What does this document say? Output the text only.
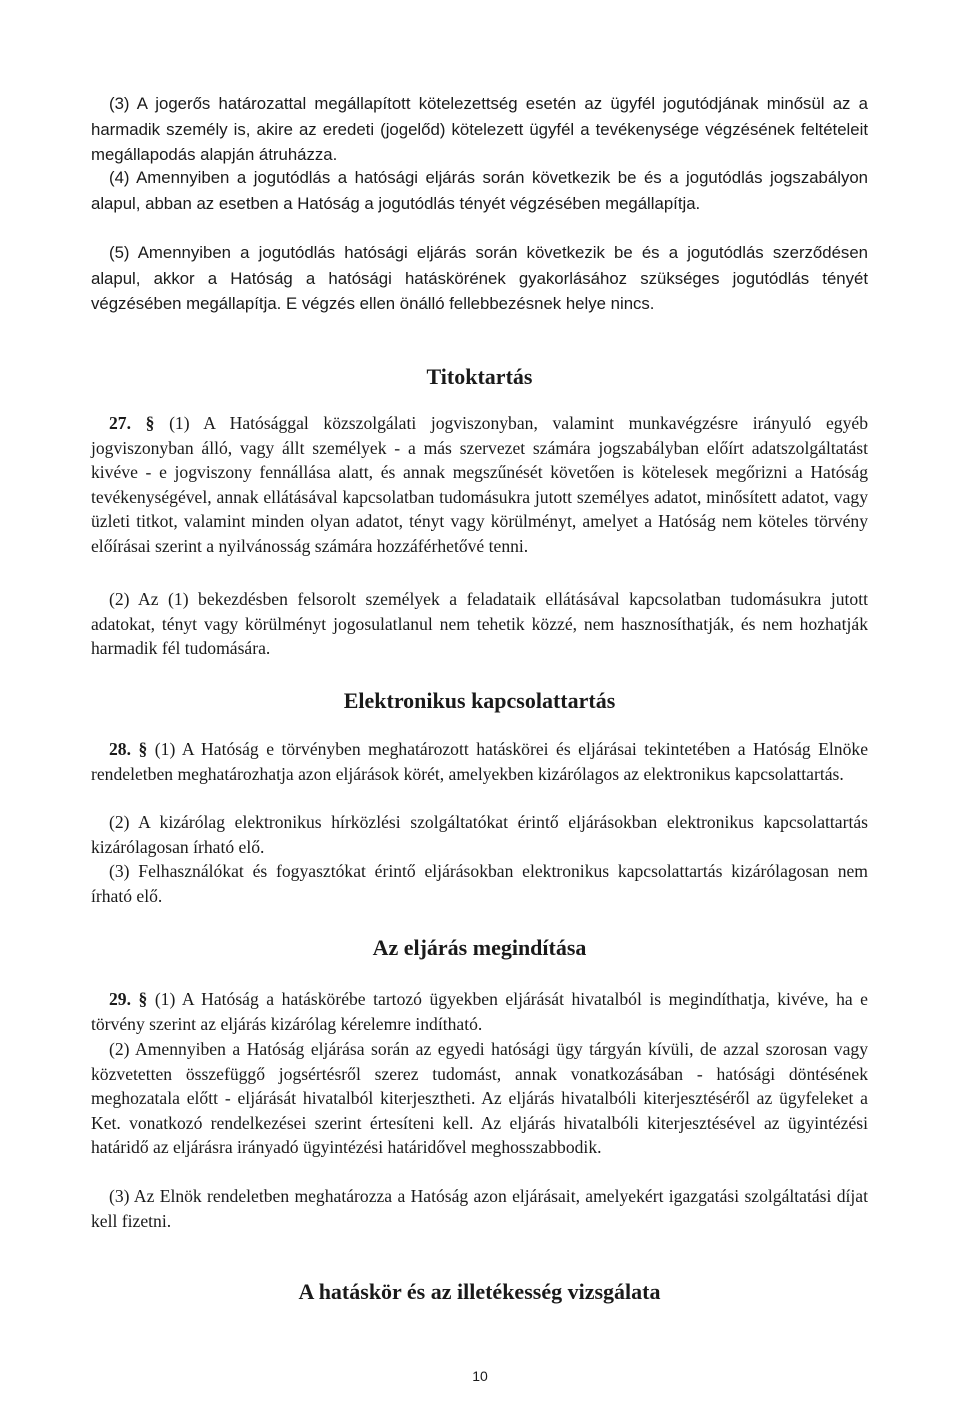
(3) A jogerős határozattal megállapított kötelezettség esetén az ügyfél jogutódjának minősül az a harmadik személy is, akire az eredeti (jogelőd) kötelezett ügyfél a tevékenysége végzésének feltételeit megállapodás alapján átruházza.

(4) Amennyiben a jogutódlás a hatósági eljárás során következik be és a jogutódlás jogszabályon alapul, abban az esetben a Hatóság a jogutódlás tényét végzésében megállapítja.

(5) Amennyiben a jogutódlás hatósági eljárás során következik be és a jogutódlás szerződésen alapul, akkor a Hatóság a hatósági hatáskörének gyakorlásához szükséges jogutódlás tényét végzésében megállapítja. E végzés ellen önálló fellebbezésnek helye nincs.

Titoktartás

27. § (1) A Hatósággal közszolgálati jogviszonyban, valamint munkavégzésre irányuló egyéb jogviszonyban álló, vagy állt személyek - a más szervezet számára jogszabályban előírt adatszolgáltatást kivéve - e jogviszony fennállása alatt, és annak megszűnését követően is kötelesek megőrizni a Hatóság tevékenységével, annak ellátásával kapcsolatban tudomásukra jutott személyes adatot, minősített adatot, vagy üzleti titkot, valamint minden olyan adatot, tényt vagy körülményt, amelyet a Hatóság nem köteles törvény előírásai szerint a nyilvánosság számára hozzáférhetővé tenni.

(2) Az (1) bekezdésben felsorolt személyek a feladataik ellátásával kapcsolatban tudomásukra jutott adatokat, tényt vagy körülményt jogosulatlanul nem tehetik közzé, nem hasznosíthatják, és nem hozhatják harmadik fél tudomására.

Elektronikus kapcsolattartás

28. § (1) A Hatóság e törvényben meghatározott hatáskörei és eljárásai tekintetében a Hatóság Elnöke rendeletben meghatározhatja azon eljárások körét, amelyekben kizárólagos az elektronikus kapcsolattartás.

(2) A kizárólag elektronikus hírközlési szolgáltatókat érintő eljárásokban elektronikus kapcsolattartás kizárólagosan írható elő.

(3) Felhasználókat és fogyasztókat érintő eljárásokban elektronikus kapcsolattartás kizárólagosan nem írható elő.

Az eljárás megindítása

29. § (1) A Hatóság a hatáskörébe tartozó ügyekben eljárását hivatalból is megindíthatja, kivéve, ha e törvény szerint az eljárás kizárólag kérelemre indítható.

(2) Amennyiben a Hatóság eljárása során az egyedi hatósági ügy tárgyán kívüli, de azzal szorosan vagy közvetetten összefüggő jogsértésről szerez tudomást, annak vonatkozásában - hatósági döntésének meghozatala előtt - eljárását hivatalból kiterjesztheti. Az eljárás hivatalbóli kiterjesztéséről az ügyfeleket a Ket. vonatkozó rendelkezései szerint értesíteni kell. Az eljárás hivatalbóli kiterjesztésével az ügyintézési határidő az eljárásra irányadó ügyintézési határidővel meghosszabbodik.

(3) Az Elnök rendeletben meghatározza a Hatóság azon eljárásait, amelyekért igazgatási szolgáltatási díjat kell fizetni.

A hatáskör és az illetékesség vizsgálata
10
